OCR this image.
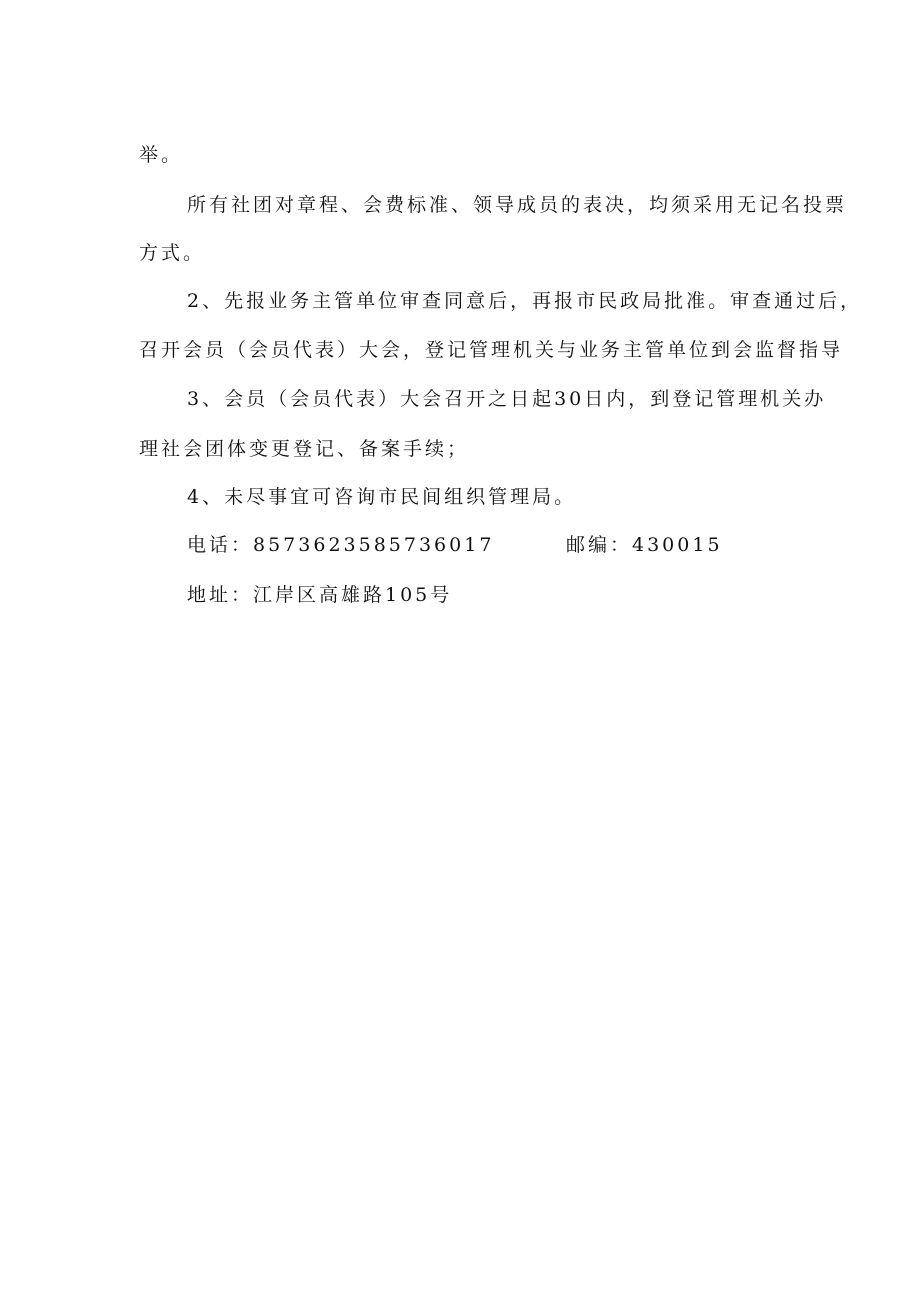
举。
所有社团对章程、会费标准、领导成员的表决，均须采用无记名投票
方式。
2、先报业务主管单位审查同意后，再报市民政局批准。审查通过后，
召开会员（会员代表）大会，登记管理机关与业务主管单位到会监督指导
3、会员（会员代表）大会召开之日起30日内，到登记管理机关办
理社会团体变更登记、备案手续；
4、未尽事宜可咨询市民间组织管理局。
电话：8573623585736017	邮编：430015
地址：江岸区高雄路105号
